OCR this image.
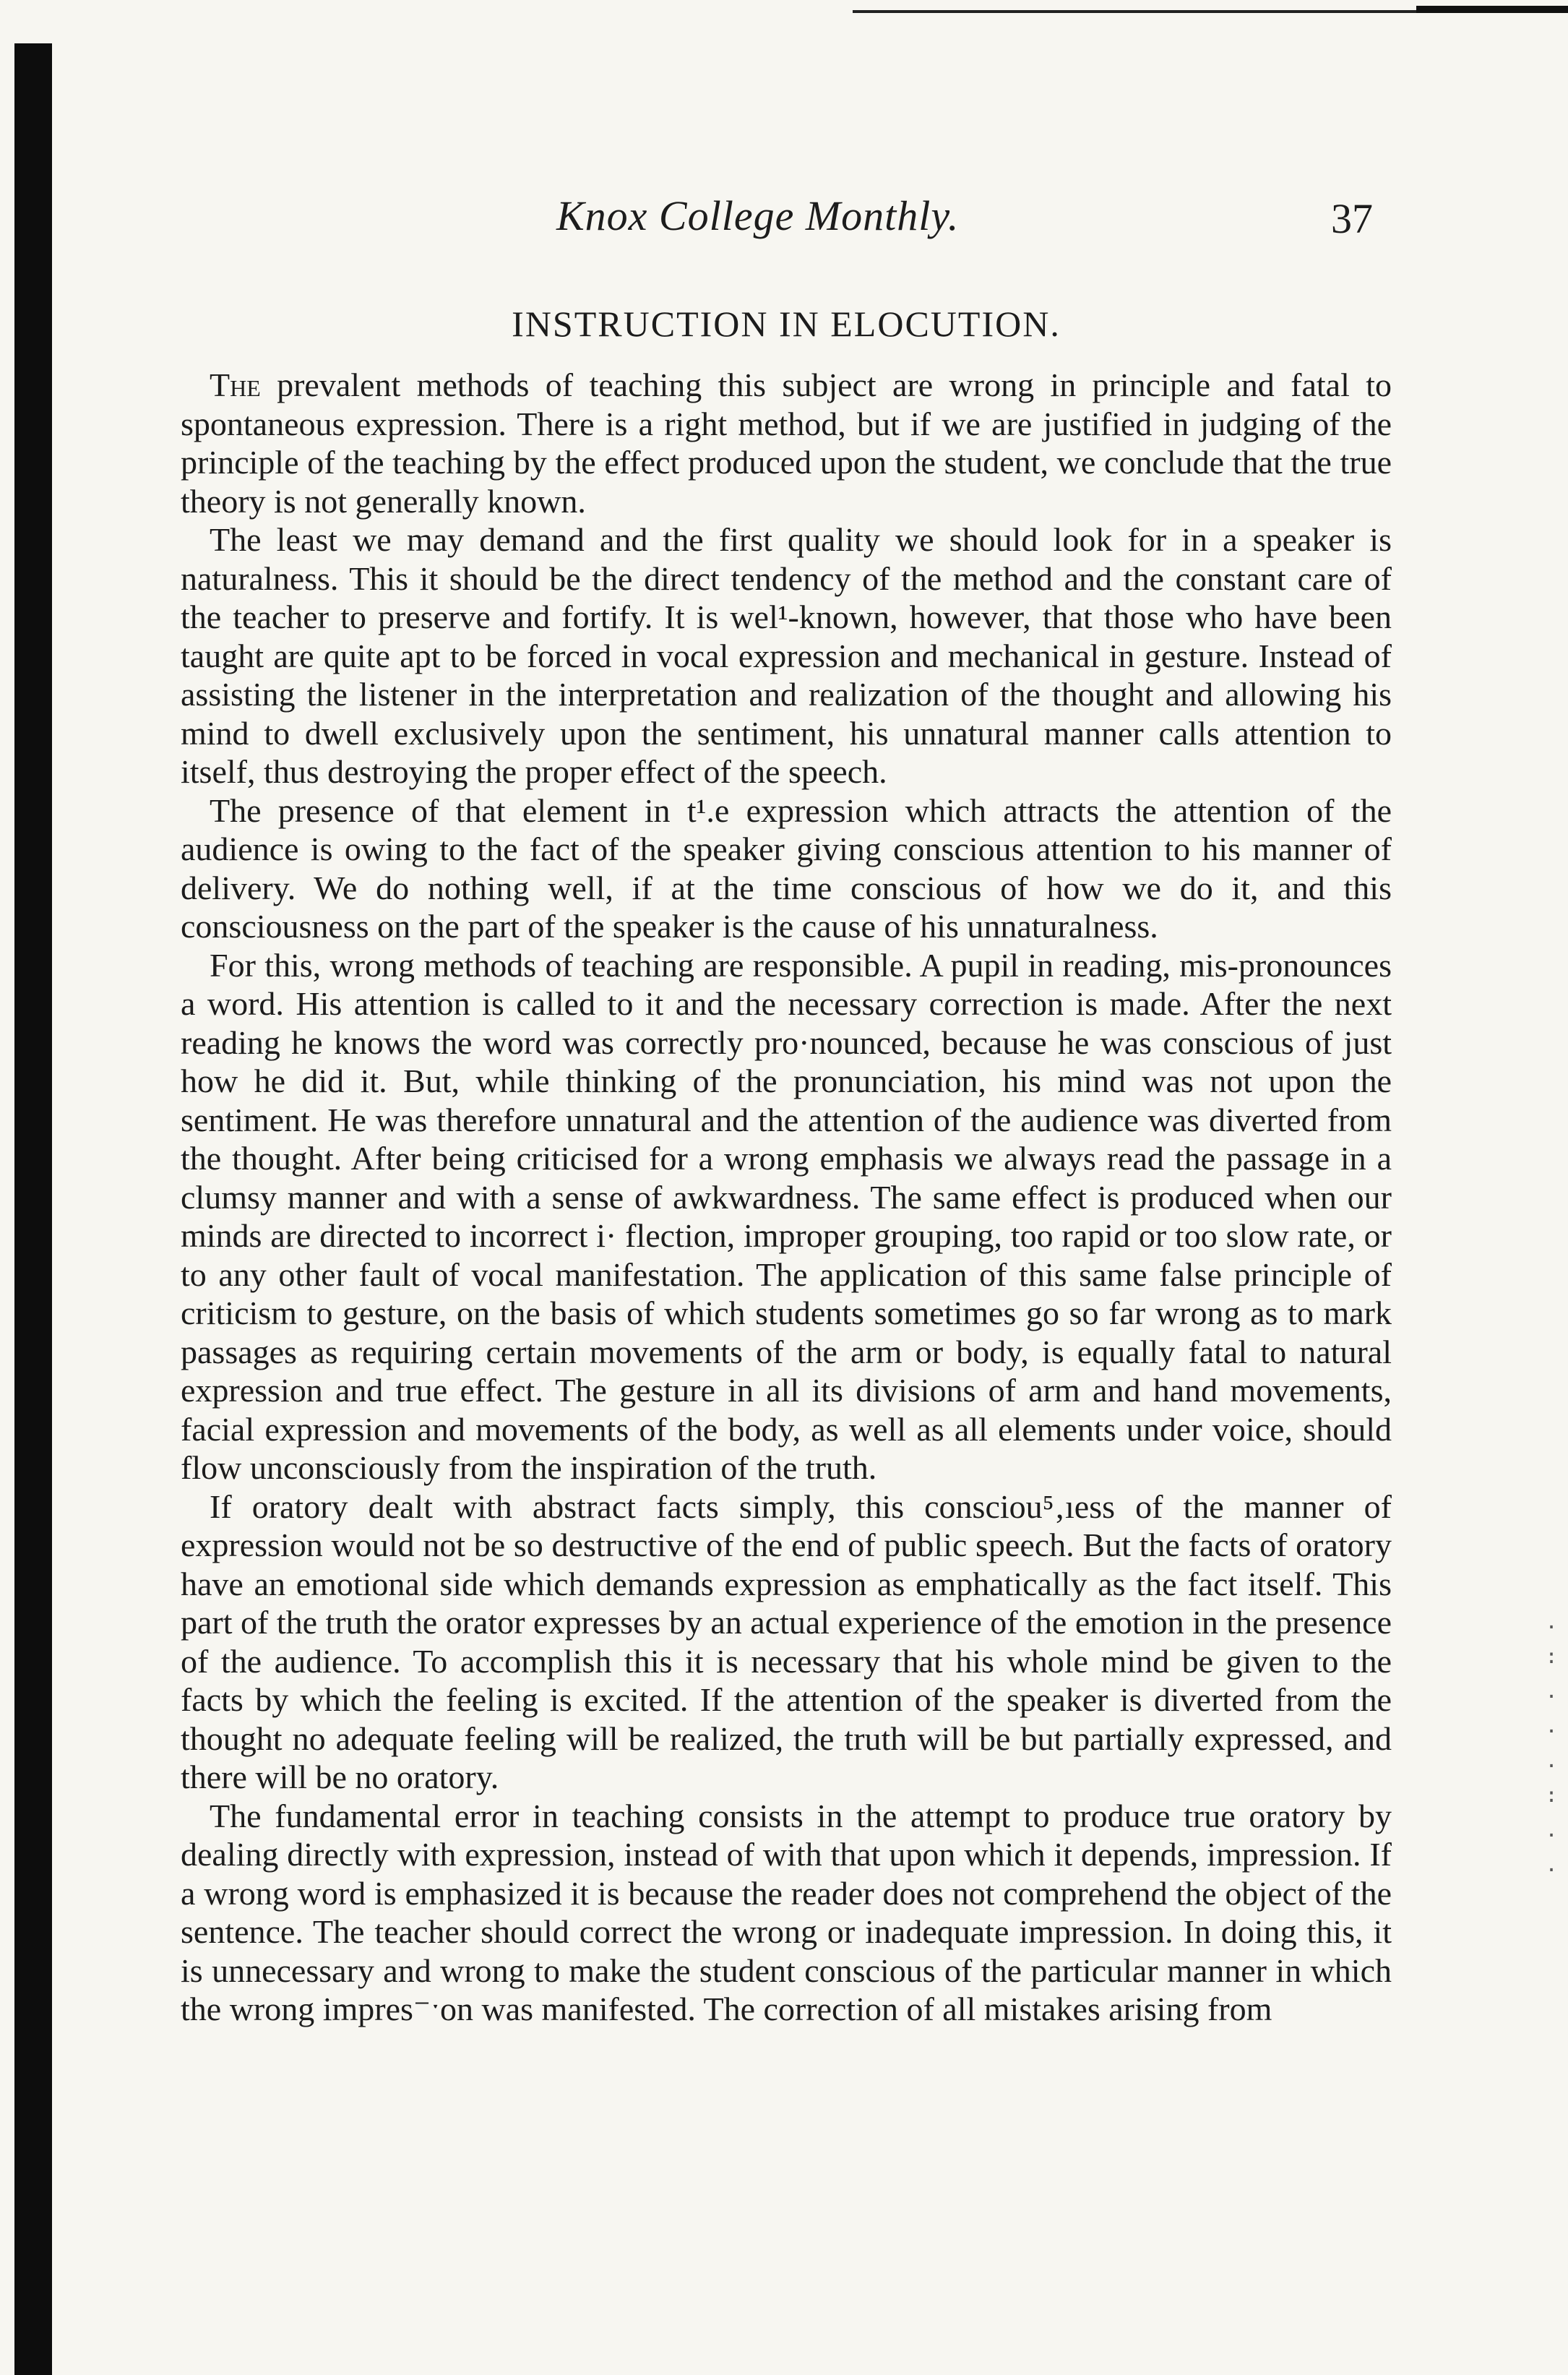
.
:
.
.
.
:
.
.
Knox College Monthly.	37
INSTRUCTION IN ELOCUTION.

The prevalent methods of teaching this subject are wrong in principle and fatal to spontaneous expression. There is a right method, but if we are justified in judging of the principle of the teaching by the effect produced upon the student, we conclude that the true theory is not generally known.

The least we may demand and the first quality we should look for in a speaker is naturalness. This it should be the direct tendency of the method and the constant care of the teacher to preserve and fortify. It is wel¹-known, however, that those who have been taught are quite apt to be forced in vocal expression and mechanical in gesture. Instead of assisting the listener in the interpretation and realization of the thought and allowing his mind to dwell exclusively upon the sentiment, his unnatural manner calls attention to itself, thus destroying the proper effect of the speech.

The presence of that element in t¹.e expression which attracts the attention of the audience is owing to the fact of the speaker giving conscious attention to his manner of delivery. We do nothing well, if at the time conscious of how we do it, and this consciousness on the part of the speaker is the cause of his unnaturalness.

For this, wrong methods of teaching are responsible. A pupil in reading, mis-pronounces a word. His attention is called to it and the necessary correction is made. After the next reading he knows the word was correctly pro·nounced, because he was conscious of just how he did it. But, while thinking of the pronunciation, his mind was not upon the sentiment. He was therefore unnatural and the attention of the audience was diverted from the thought. After being criticised for a wrong emphasis we always read the passage in a clumsy manner and with a sense of awkwardness. The same effect is produced when our minds are directed to incorrect i· flection, improper grouping, too rapid or too slow rate, or to any other fault of vocal manifestation. The application of this same false principle of criticism to gesture, on the basis of which students sometimes go so far wrong as to mark passages as requiring certain movements of the arm or body, is equally fatal to natural expression and true effect. The gesture in all its divisions of arm and hand movements, facial expression and movements of the body, as well as all elements under voice, should flow unconsciously from the inspiration of the truth.

If oratory dealt with abstract facts simply, this consciou⁵‚ıess of the manner of expression would not be so destructive of the end of public speech. But the facts of oratory have an emotional side which demands expression as emphatically as the fact itself. This part of the truth the orator expresses by an actual experience of the emotion in the presence of the audience. To accomplish this it is necessary that his whole mind be given to the facts by which the feeling is excited. If the attention of the speaker is diverted from the thought no adequate feeling will be realized, the truth will be but partially expressed, and there will be no oratory.

The fundamental error in teaching consists in the attempt to produce true oratory by dealing directly with expression, instead of with that upon which it depends, impression. If a wrong word is emphasized it is because the reader does not comprehend the object of the sentence. The teacher should correct the wrong or inadequate impression. In doing this, it is unnecessary and wrong to make the student conscious of the particular manner in which the wrong impres⁻ˑon was manifested. The correction of all mistakes arising from
